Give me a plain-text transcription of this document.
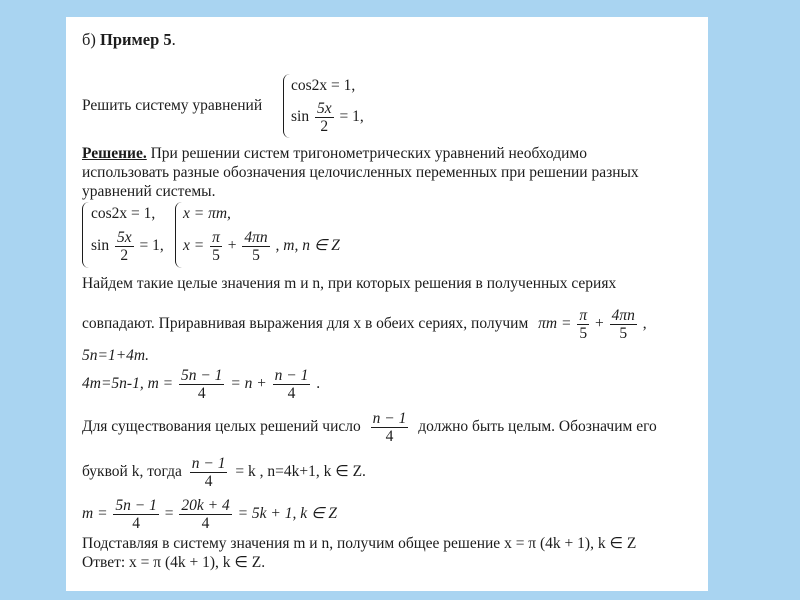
б) Пример 5.
Решить систему уравнений
cos2x = 1,
$\sin \frac{5x}{2} = 1$,
Решение. При решении систем тригонометрических уравнений необходимо
использовать разные обозначения целочисленных переменных при решении разных
уравнений системы.
cos2x = 1,
$\sin \frac{5x}{2} = 1$,
x = πm,
$x = \frac{\pi}{5} + \frac{4\pi n}{5}$ , m, n ∈ Z
Найдем такие целые значения m и n, при которых решения в полученных сериях
совпадают. Приравнивая выражения для x в обеих сериях, получим $\pi m = \frac{\pi}{5} + \frac{4\pi n}{5}$ ,
5n=1+4m.
4m=5n-1, $m = \frac{5n - 1}{4} = n + \frac{n - 1}{4}$ .
Для существования целых решений число $\frac{n - 1}{4}$ должно быть целым. Обозначим его
буквой k, тогда $\frac{n - 1}{4} = k$ , n=4k+1, k ∈ Z.
$m = \frac{5n - 1}{4} = \frac{20k + 4}{4} = 5k + 1$, k ∈ Z
Подставляя в систему значения m и n, получим общее решение x = π (4k + 1), k ∈ Z
Ответ: x = π (4k + 1), k ∈ Z.
